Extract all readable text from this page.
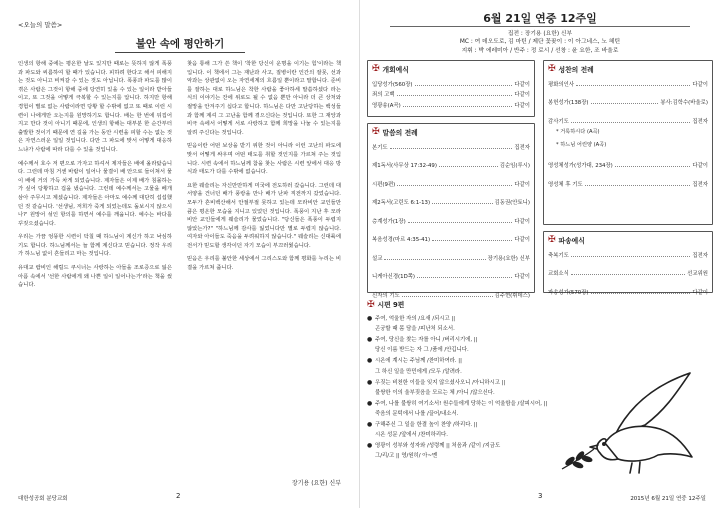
<오늘의 말씀>
불안 속에 평안하기

인생의 항해 중에는 평온한 날도 있지만 때로는 뜻하지 않게 폭풍과 파도와 씨름하여 할 때가 있습니다. 피하려 한다고 해서 피해지는 것도 아니고 비켜갈 수 있는 것도 아닙니다. 폭풍과 파도를 많이 겪은 사람은 그것이 항해 중에 당연히 있을 수 있는 일이라 받아들이고, 또 그것을 어떻게 극복할 수 있는지를 압니다. 하지만 항해 경험이 별로 없는 사람이라면 당황 할 수밖에 없고 또 때로 이런 시련이 나에게만 오는지를 원망하기도 합니다. 배는 한 번에 뒤집어지고 만다 것이 아니기 때문에, 인생의 항해는 대부분 한 순간부터 출발한 것이기 때문에 연 길을 가는 동안 시련을 피할 수는 없는 것은 자연스러운 일일 것입니다. 다만 그 파도에 맞서 어떻게 대응하느냐가 사람에 따라 다를 수 있을 것입니다.

예수께서 호수 저 편으로 가자고 하셔서 제자들은 배에 올라탔습니다. 그런데 마침 거센 바람이 일어나 물결이 배 안으로 들이쳐서 물이 배에 거의 가득 차게 되었습니다. 제자들은 이제 배가 침몰하는가 싶어 당황하고 겁을 냈습니다. 그런데 예수께서는 고물을 베개 삼아 주무시고 계셨습니다. 제자들은 아마도 예수께 대단히 섭섭했던 것 같습니다. '선생님, 저희가 죽게 되었는데도 돌보시지 않으시나?' 원망어 섞인 항의를 하면서 예수를 깨웁니다. 예수는 바다를 꾸짖으셨습니다.

우리는 가끔 엉뚱한 시련이 닥칠 때 하느님이 계신가 하고 낙심하기도 합니다. 하느님께서는 늘 함께 계신다고 믿습니다. 정작 우리가 하느님 없이 흔들리고 마는 것입니다.

유대교 랍비인 해럴드 쿠시너는 사랑하는 아들을 조로증으로 잃은 아픔 속에서 '선한 사람에게 왜 나쁜 일이 일어나는가'라는 책을 썼습니다.

찾음 통해 그가 쓴 책이 '착한 당신이 운명을 이기는 힘'이라는 책입니다. 이 책에서 그는 재난과 사고, 질병이란 인간의 잘못, 선과 악과는 상관없이 오는 자연세계의 흐름일 뿐이라고 말합니다. 준비를 잘하는 대로 하느님은 착한 사람을 좋아하세 말씀하셨다 라는 식의 이야기는 잔에 위로도 될 수 없음 뿐만 아니라 더 큰 상처와 절망을 안겨주기 십다고 합니다. 하느님은 다만 고난당하는 백성들과 함께 계셔 그 고난을 함께 겪으신다는 것입니다. 또한 그 재앙과 비극 속에서 어떻게 서로 사랑하고 함께 희망을 나눌 수 있는지를 알려 주신다는 것입니다.

믿음이란 어떤 보상을 받기 위한 것이 아니라 이런 고난의 파도에 맞서 어떻게 싸우며 어떤 태도를 취할 것인지를 가르쳐 주는 것입니다. 시련 속에서 하느님께 참을 찾는 사람은 시련 앞에서 대응 방식과 태도가 다를 수밖에 없습니다.

요한 웨슬리는 자신만만하게 미국에 전도하러 갔습니다. 그런데 대서양을 건너던 배가 풍랑을 만나 배가 난파 직전까지 갔었습니다. 모두가 흔비백산해서 안절부절 못하고 있는데 모라비안 교인들만큼은 평온한 모습을 지니고 있었던 것입니다. 폭풍이 지난 후 모라비안 교인들에게 웨슬리가 물었습니다. "당신들은 폭풍이 두렵지 않았는가?" "하느님께 감사를 잃었니다만 별로 두렵지 않습니다. 여자와 아이들도 죽음을 두려워하지 않습니다." 웨슬리는 신대륙에 전서가 믿도할 생각이던 자기 모습이 부끄러웠습니다.

믿음은 우리를 불안한 세상에서 그리스도와 함께 평화를 누리는 비결을 가르쳐 줍니다.

장기용 (요한) 신부
대한성공회 분당교회	2
6월 21일 연중 12주일
집전 : 장기용 (요한) 신부
MC : 여 데오도로, 김 마틴 / 제단 꽃꽂이 : 이 아그네스, 노 헤틴
지휘 : 박 에레미아 / 반주 : 정 로시 / 선창 : 윤 요한, 조 바울로
✠ 개회예식
입당성가(560장)	다같이
죄의 고백	다같이
영광송(A곡)	다같이
✠ 말씀의 전례
본기도	집전자
제1독서(사무상 17:32-49)	김순임(루시)
시편(9편)	다같이
제2독서(고린도 6:1-13)	김동권(안토니)
층계성가(1장)	다같이
복음성경(마르 4:35-41)	다같이
설교	장기용(요한) 신부
니케아신경(1D쪽)	다같이
신자의 기도	김주현(휘데스)
✠ 성찬의 전례
평화의인사	다같이
봉헌성가(138장)	봉사:김학수(바울로)
감사기도	집전자
* 거룩하시다 (A곡)
* 하느님 어린양 (A곡)
영성체성가(성가대, 234장)	다같이
영성체 후 기도	집전자
✠ 파송예식
축복기도	집전자
교회소식	선교위원
파송성가(570장)	다같이
3	2015년 6월 21일 연중 12주일
✠ 시편 9편
● 주여, 억울한 자의 /요새 /되시고 ||
곤궁할 때 몸 담을 /피난처 되소서.
● 주여, 당신을 찾는 자를 아니 /버리시기에, ||
당신 이름 받드는 자 그 /품에 /안깁니다.
● 시온에 계시는 주님께 /찬미하여라. ||
그 하신 일을 만민에게 /모두 /알려라.
● 우짖는 비천한 이들을 잊지 않으셨사오니 /아니하시고 ||
불쌍한 이의 울부짖음을 모르는 체 /아니 /않으신다.
● 주여, 나를 불쌍히 여기소서! 원수들에게 당하는 이 억울함을 /살피시어, ||
죽음의 문턱에서 나를 /끌어/내소서.
● 구해주신 그 일을 한결 높이 찬양 /하리다. ||
시온 성문 /앞에서 /찬미하리다.
● 영광이 성부와 성자와 /성령께 || 처음과 /같이 /지금도
그/리/고 || 영/원히/ 아~멘
